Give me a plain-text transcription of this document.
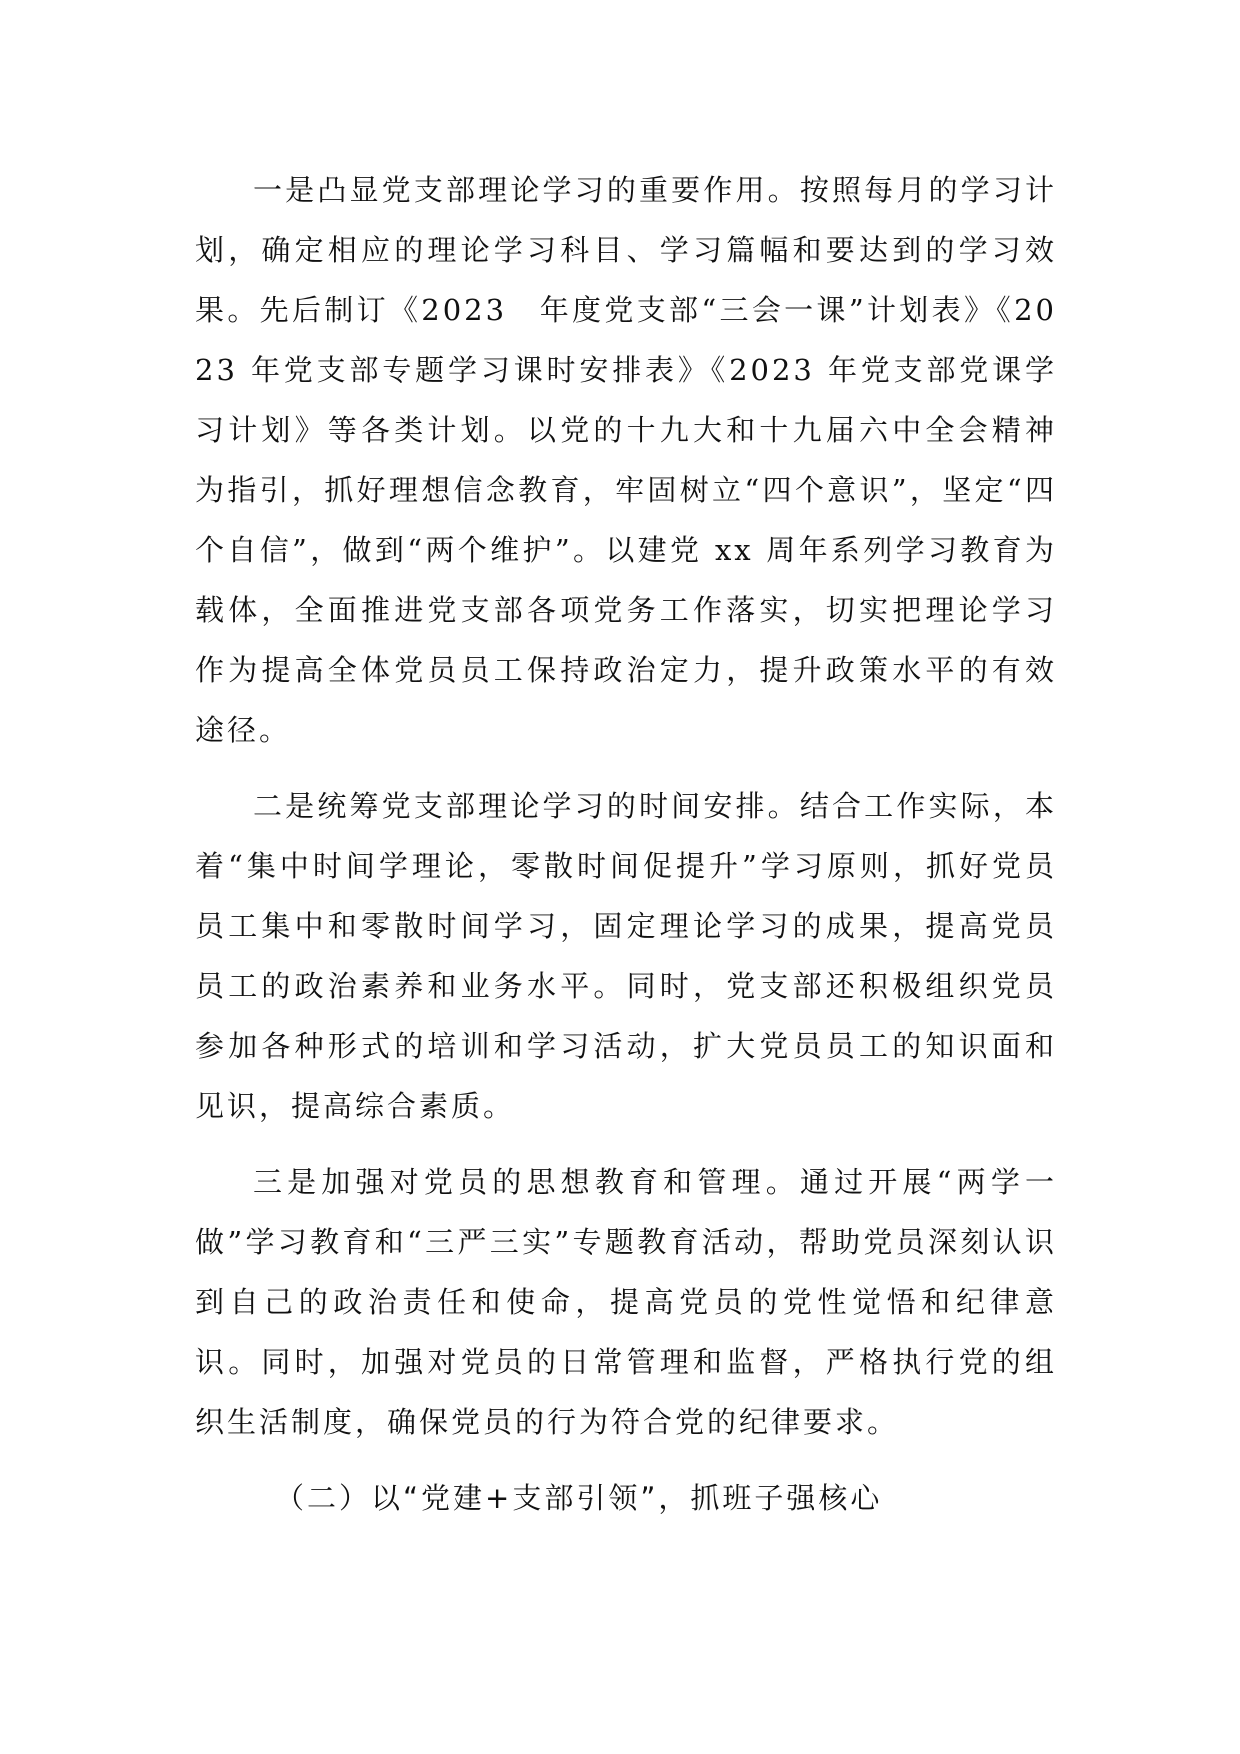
一是凸显党支部理论学习的重要作用。按照每月的学习计划，确定相应的理论学习科目、学习篇幅和要达到的学习效果。先后制订《2023　年度党支部“三会一课”计划表》《2023 年党支部专题学习课时安排表》《2023 年党支部党课学习计划》等各类计划。以党的十九大和十九届六中全会精神为指引，抓好理想信念教育，牢固树立“四个意识”，坚定“四个自信”，做到“两个维护”。以建党 xx 周年系列学习教育为载体，全面推进党支部各项党务工作落实，切实把理论学习作为提高全体党员员工保持政治定力，提升政策水平的有效途径。

二是统筹党支部理论学习的时间安排。结合工作实际，本着“集中时间学理论，零散时间促提升”学习原则，抓好党员员工集中和零散时间学习，固定理论学习的成果，提高党员员工的政治素养和业务水平。同时，党支部还积极组织党员参加各种形式的培训和学习活动，扩大党员员工的知识面和见识，提高综合素质。

三是加强对党员的思想教育和管理。通过开展“两学一做”学习教育和“三严三实”专题教育活动，帮助党员深刻认识到自己的政治责任和使命，提高党员的党性觉悟和纪律意识。同时，加强对党员的日常管理和监督，严格执行党的组织生活制度，确保党员的行为符合党的纪律要求。

（二）以“党建+支部引领”，抓班子强核心
